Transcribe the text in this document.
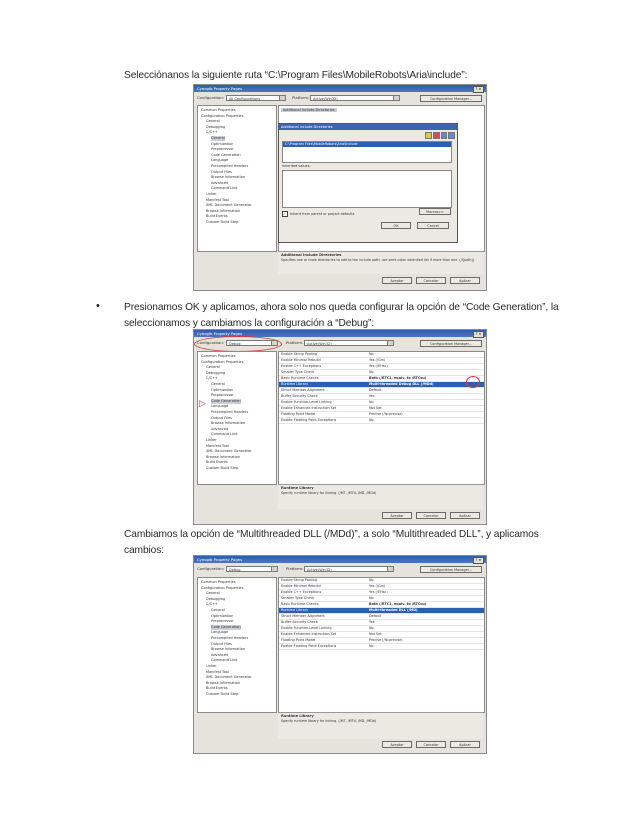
Selecciónanos la siguiente ruta “C:\Program Files\MobileRobots\Aria\include”:
Cyeoglb Property Pages	? ✕
Configuration:	All Configurations	Platform:	Active(Win32)	Configuration Manager...
Common Properties
Configuration Properties
General
Debugging
C/C++
General
Optimization
Preprocessor
Code Generation
Language
Precompiled Headers
Output Files
Browse Information
Advanced
Command Line
Linker
Manifest Tool
XML Document Generator
Browse Information
Build Events
Custom Build Step
Additional Include Directories
Additional Include Directories
C:\Program Files\MobileRobots\Aria\include
Inherited values:
✓	Inherit from parent or project defaults	Macros>>
OK	Cancel
Additional Include Directories
Specifies one or more directories to add to the include path; use semi-colon delimited list if more than one. (/I[path])
Aceptar	Cancelar	Aplicar
• Presionamos OK y aplicamos, ahora solo nos queda configurar la opción de “Code Generation”, la
seleccionamos y cambiamos la configuración a “Debug”:
Cyeoglb Property Pages	? ✕
Configuration:	Debug	Platform:	Active(Win32)	Configuration Manager...
Common Properties
Configuration Properties
General
Debugging
C/C++
General
Optimization
Preprocessor
Code Generation
Language
Precompiled Headers
Output Files
Browse Information
Advanced
Command Line
Linker
Manifest Tool
XML Document Generator
Browse Information
Build Events
Custom Build Step
▷
Enable String Pooling	No
Enable Minimal Rebuild	Yes (/Gm)
Enable C++ Exceptions	Yes (/EHsc)
Smaller Type Check	No
Basic Runtime Checks	Both (/RTC1, equiv. to /RTCsu)
Runtime Library	Multi-threaded Debug DLL (/MDd)
Struct Member Alignment	Default
Buffer Security Check	Yes
Enable Function-Level Linking	No
Enable Enhanced Instruction Set	Not Set
Floating Point Model	Precise (/fp:precise)
Enable Floating Point Exceptions	No
Runtime Library
Specify runtime library for linking. (/MT, /MTd, /MD, /MDd)
Aceptar	Cancelar	Aplicar
Cambiamos la opción de “Multithreaded DLL (/MDd)”, a solo “Multithreaded DLL”, y aplicamos
cambios:
Cyeoglb Property Pages	? ✕
Configuration:	Debug	Platform:	Active(Win32)	Configuration Manager...
Common Properties
Configuration Properties
General
Debugging
C/C++
General
Optimization
Preprocessor
Code Generation
Language
Precompiled Headers
Output Files
Browse Information
Advanced
Command Line
Linker
Manifest Tool
XML Document Generator
Browse Information
Build Events
Custom Build Step
Enable String Pooling	No
Enable Minimal Rebuild	Yes (/Gm)
Enable C++ Exceptions	Yes (/EHsc)
Smaller Type Check	No
Basic Runtime Checks	Both (/RTC1, equiv. to /RTCsu)
Runtime Library	Multi-threaded DLL (/MD)
Struct Member Alignment	Default
Buffer Security Check	Yes
Enable Function-Level Linking	No
Enable Enhanced Instruction Set	Not Set
Floating Point Model	Precise (/fp:precise)
Enable Floating Point Exceptions	No
Runtime Library
Specify runtime library for linking. (/MT, /MTd, /MD, /MDd)
Aceptar	Cancelar	Aplicar
